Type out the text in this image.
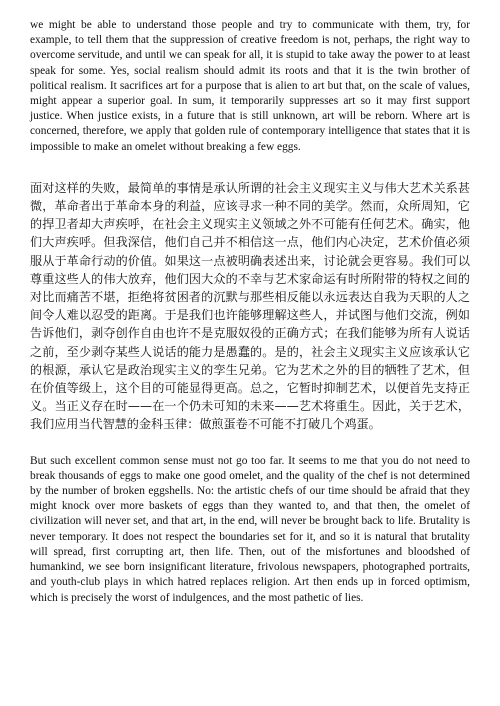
we might be able to understand those people and try to communicate with them, try, for example, to tell them that the suppression of creative freedom is not, perhaps, the right way to overcome servitude, and until we can speak for all, it is stupid to take away the power to at least speak for some. Yes, social realism should admit its roots and that it is the twin brother of political realism. It sacrifices art for a purpose that is alien to art but that, on the scale of values, might appear a superior goal. In sum, it temporarily suppresses art so it may first support justice. When justice exists, in a future that is still unknown, art will be reborn. Where art is concerned, therefore, we apply that golden rule of contemporary intelligence that states that it is impossible to make an omelet without breaking a few eggs.

面对这样的失败，最简单的事情是承认所谓的社会主义现实主义与伟大艺术关系甚微，革命者出于革命本身的利益，应该寻求一种不同的美学。然而，众所周知，它的捍卫者却大声疾呼，在社会主义现实主义领域之外不可能有任何艺术。确实，他们大声疾呼。但我深信，他们自己并不相信这一点，他们内心决定，艺术价值必须服从于革命行动的价值。如果这一点被明确表述出来，讨论就会更容易。我们可以尊重这些人的伟大放弃，他们因大众的不幸与艺术家命运有时所附带的特权之间的对比而痛苦不堪，拒绝将贫困者的沉默与那些相反能以永远表达自我为天职的人之间令人难以忍受的距离。于是我们也许能够理解这些人，并试图与他们交流，例如告诉他们，剥夺创作自由也许不是克服奴役的正确方式；在我们能够为所有人说话之前，至少剥夺某些人说话的能力是愚蠢的。是的，社会主义现实主义应该承认它的根源，承认它是政治现实主义的孪生兄弟。它为艺术之外的目的牺牲了艺术，但在价值等级上，这个目的可能显得更高。总之，它暂时抑制艺术，以便首先支持正义。当正义存在时——在一个仍未可知的未来——艺术将重生。因此，关于艺术，我们应用当代智慧的金科玉律：做煎蛋卷不可能不打破几个鸡蛋。

But such excellent common sense must not go too far. It seems to me that you do not need to break thousands of eggs to make one good omelet, and the quality of the chef is not determined by the number of broken eggshells. No: the artistic chefs of our time should be afraid that they might knock over more baskets of eggs than they wanted to, and that then, the omelet of civilization will never set, and that art, in the end, will never be brought back to life. Brutality is never temporary. It does not respect the boundaries set for it, and so it is natural that brutality will spread, first corrupting art, then life. Then, out of the misfortunes and bloodshed of humankind, we see born insignificant literature, frivolous newspapers, photographed portraits, and youth-club plays in which hatred replaces religion. Art then ends up in forced optimism, which is precisely the worst of indulgences, and the most pathetic of lies.
